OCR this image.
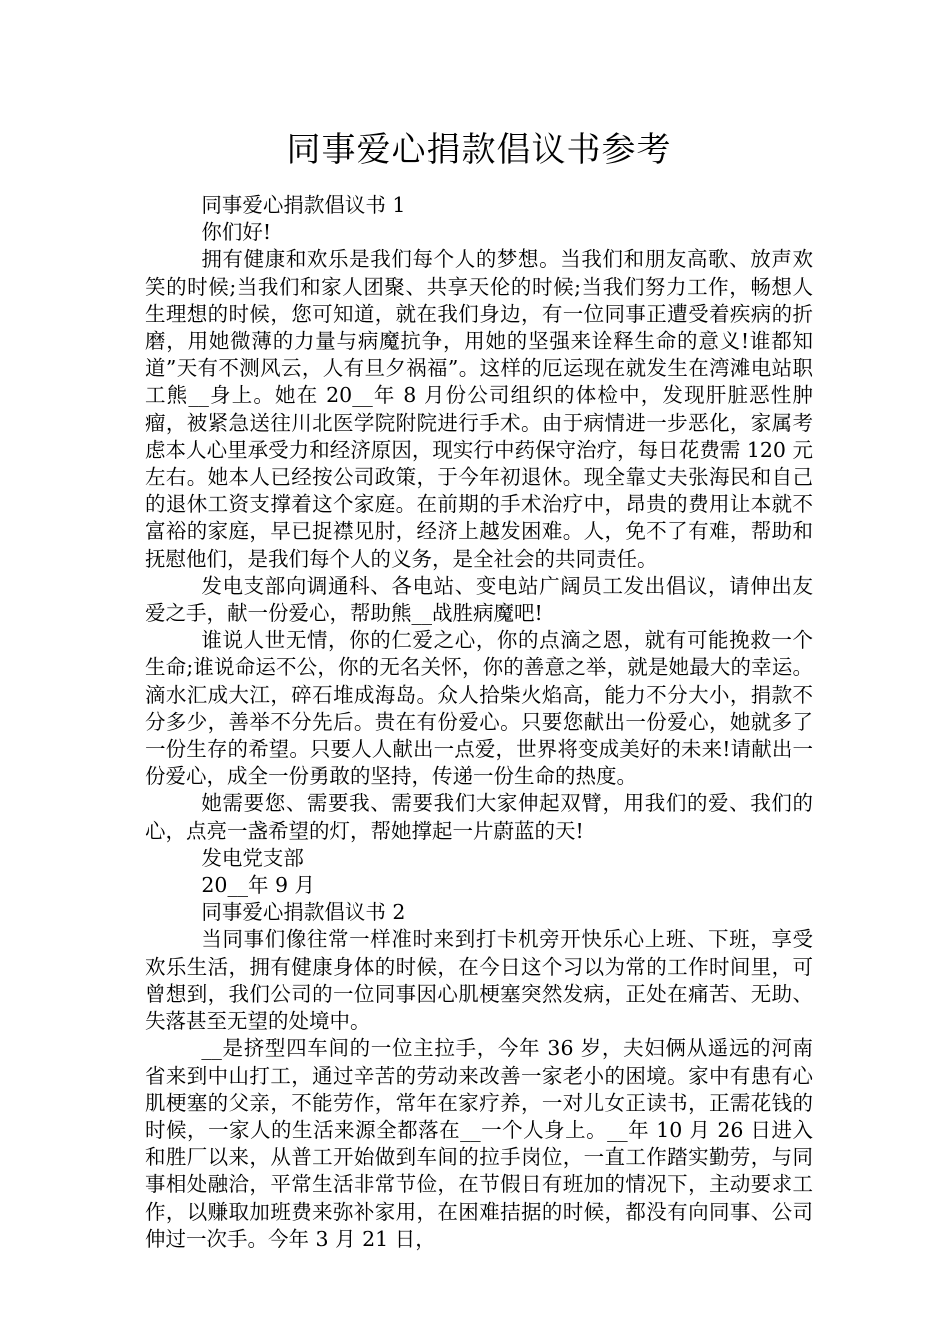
同事爱心捐款倡议书参考

同事爱心捐款倡议书 1

你们好!

拥有健康和欢乐是我们每个人的梦想。当我们和朋友高歌、放声欢笑的时候;当我们和家人团聚、共享天伦的时候;当我们努力工作，畅想人生理想的时候，您可知道，就在我们身边，有一位同事正遭受着疾病的折磨，用她微薄的力量与病魔抗争，用她的坚强来诠释生命的意义!谁都知道”天有不测风云，人有旦夕祸福”。这样的厄运现在就发生在湾滩电站职工熊__身上。她在 20__年 8 月份公司组织的体检中，发现肝脏恶性肿瘤，被紧急送往川北医学院附院进行手术。由于病情进一步恶化，家属考虑本人心里承受力和经济原因，现实行中药保守治疗，每日花费需 120 元左右。她本人已经按公司政策，于今年初退休。现全靠丈夫张海民和自己的退休工资支撑着这个家庭。在前期的手术治疗中，昂贵的费用让本就不富裕的家庭，早已捉襟见肘，经济上越发困难。人，免不了有难，帮助和抚慰他们，是我们每个人的义务，是全社会的共同责任。

发电支部向调通科、各电站、变电站广阔员工发出倡议，请伸出友爱之手，献一份爱心，帮助熊__战胜病魔吧!

谁说人世无情，你的仁爱之心，你的点滴之恩，就有可能挽救一个生命;谁说命运不公，你的无名关怀，你的善意之举，就是她最大的幸运。滴水汇成大江，碎石堆成海岛。众人拾柴火焰高，能力不分大小，捐款不分多少，善举不分先后。贵在有份爱心。只要您献出一份爱心，她就多了一份生存的希望。只要人人献出一点爱，世界将变成美好的未来!请献出一份爱心，成全一份勇敢的坚持，传递一份生命的热度。

她需要您、需要我、需要我们大家伸起双臂，用我们的爱、我们的心，点亮一盏希望的灯，帮她撑起一片蔚蓝的天!

发电党支部

20__年 9 月

同事爱心捐款倡议书 2

当同事们像往常一样准时来到打卡机旁开快乐心上班、下班，享受欢乐生活，拥有健康身体的时候，在今日这个习以为常的工作时间里，可曾想到，我们公司的一位同事因心肌梗塞突然发病，正处在痛苦、无助、失落甚至无望的处境中。

__是挤型四车间的一位主拉手，今年 36 岁，夫妇俩从遥远的河南省来到中山打工，通过辛苦的劳动来改善一家老小的困境。家中有患有心肌梗塞的父亲，不能劳作，常年在家疗养，一对儿女正读书，正需花钱的时候，一家人的生活来源全都落在__一个人身上。__年 10 月 26 日进入和胜厂以来，从普工开始做到车间的拉手岗位，一直工作踏实勤劳，与同事相处融洽，平常生活非常节俭，在节假日有班加的情况下，主动要求工作，以赚取加班费来弥补家用，在困难拮据的时候，都没有向同事、公司伸过一次手。今年 3 月 21 日，
